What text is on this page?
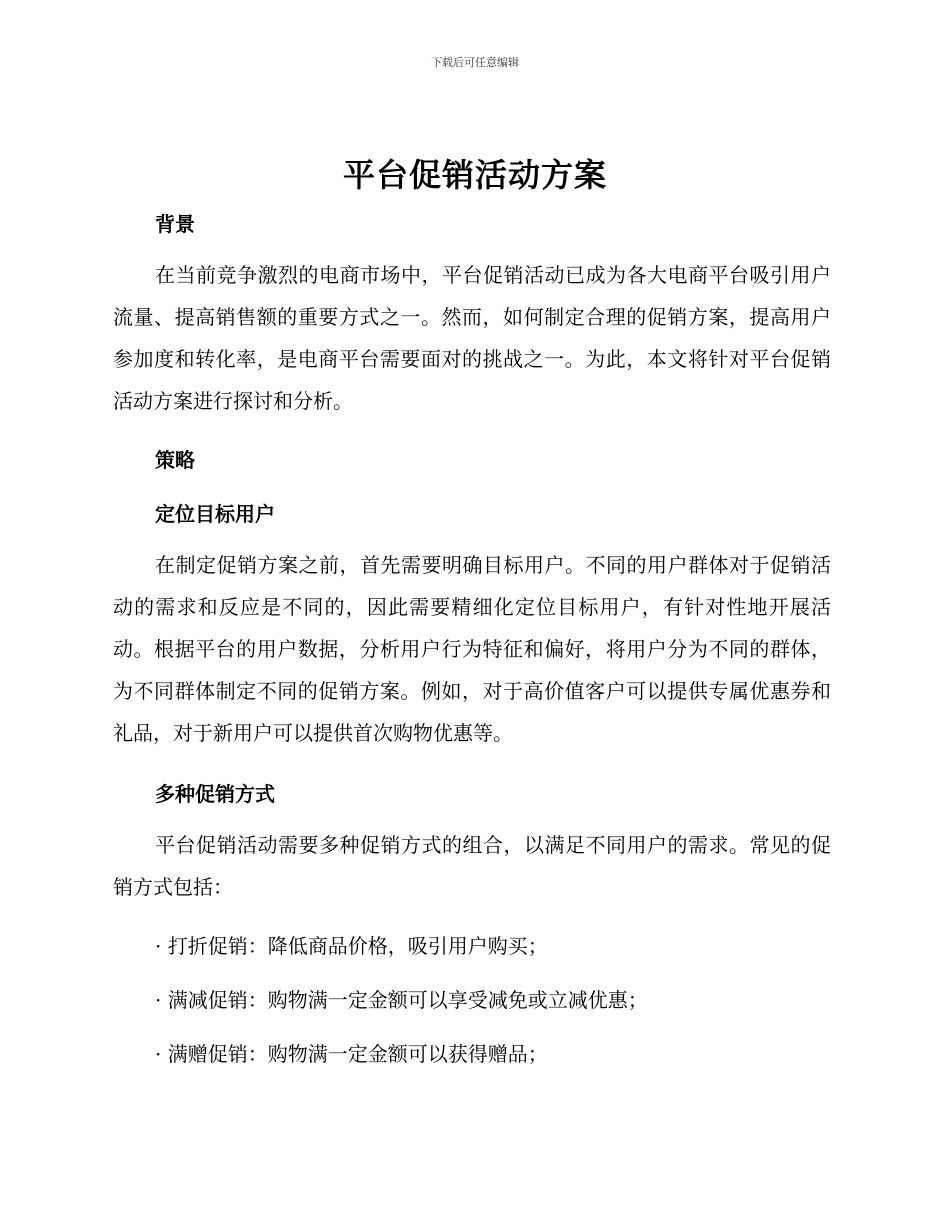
下载后可任意编辑
平台促销活动方案
背景

在当前竞争激烈的电商市场中，平台促销活动已成为各大电商平台吸引用户流量、提高销售额的重要方式之一。然而，如何制定合理的促销方案，提高用户参加度和转化率，是电商平台需要面对的挑战之一。为此，本文将针对平台促销活动方案进行探讨和分析。

策略
定位目标用户

在制定促销方案之前，首先需要明确目标用户。不同的用户群体对于促销活动的需求和反应是不同的，因此需要精细化定位目标用户，有针对性地开展活动。根据平台的用户数据，分析用户行为特征和偏好，将用户分为不同的群体，为不同群体制定不同的促销方案。例如，对于高价值客户可以提供专属优惠券和礼品，对于新用户可以提供首次购物优惠等。

多种促销方式

平台促销活动需要多种促销方式的组合，以满足不同用户的需求。常见的促销方式包括：

· 打折促销：降低商品价格，吸引用户购买；
· 满减促销：购物满一定金额可以享受减免或立减优惠；
· 满赠促销：购物满一定金额可以获得赠品；
